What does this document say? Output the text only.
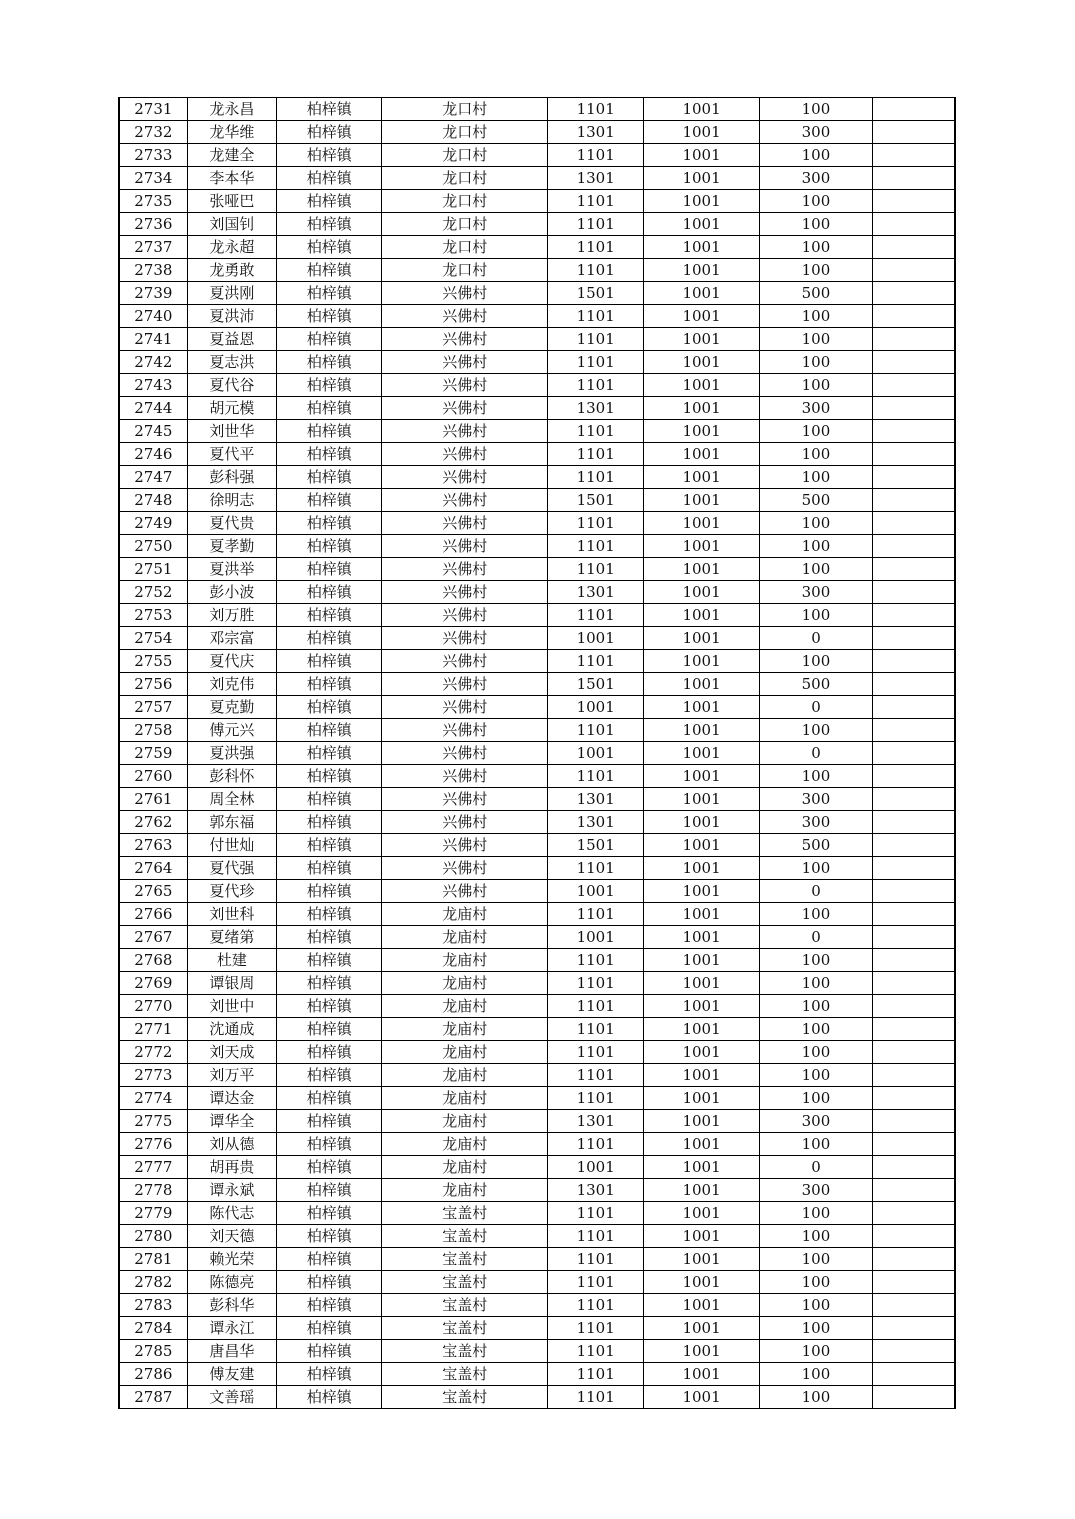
2731	龙永昌	柏梓镇	龙口村	1101	1001	100	
2732	龙华维	柏梓镇	龙口村	1301	1001	300	
2733	龙建全	柏梓镇	龙口村	1101	1001	100	
2734	李本华	柏梓镇	龙口村	1301	1001	300	
2735	张哑巴	柏梓镇	龙口村	1101	1001	100	
2736	刘国钊	柏梓镇	龙口村	1101	1001	100	
2737	龙永超	柏梓镇	龙口村	1101	1001	100	
2738	龙勇敢	柏梓镇	龙口村	1101	1001	100	
2739	夏洪刚	柏梓镇	兴佛村	1501	1001	500	
2740	夏洪沛	柏梓镇	兴佛村	1101	1001	100	
2741	夏益恩	柏梓镇	兴佛村	1101	1001	100	
2742	夏志洪	柏梓镇	兴佛村	1101	1001	100	
2743	夏代谷	柏梓镇	兴佛村	1101	1001	100	
2744	胡元模	柏梓镇	兴佛村	1301	1001	300	
2745	刘世华	柏梓镇	兴佛村	1101	1001	100	
2746	夏代平	柏梓镇	兴佛村	1101	1001	100	
2747	彭科强	柏梓镇	兴佛村	1101	1001	100	
2748	徐明志	柏梓镇	兴佛村	1501	1001	500	
2749	夏代贵	柏梓镇	兴佛村	1101	1001	100	
2750	夏孝勤	柏梓镇	兴佛村	1101	1001	100	
2751	夏洪举	柏梓镇	兴佛村	1101	1001	100	
2752	彭小波	柏梓镇	兴佛村	1301	1001	300	
2753	刘万胜	柏梓镇	兴佛村	1101	1001	100	
2754	邓宗富	柏梓镇	兴佛村	1001	1001	0	
2755	夏代庆	柏梓镇	兴佛村	1101	1001	100	
2756	刘克伟	柏梓镇	兴佛村	1501	1001	500	
2757	夏克勤	柏梓镇	兴佛村	1001	1001	0	
2758	傅元兴	柏梓镇	兴佛村	1101	1001	100	
2759	夏洪强	柏梓镇	兴佛村	1001	1001	0	
2760	彭科怀	柏梓镇	兴佛村	1101	1001	100	
2761	周全林	柏梓镇	兴佛村	1301	1001	300	
2762	郭东福	柏梓镇	兴佛村	1301	1001	300	
2763	付世灿	柏梓镇	兴佛村	1501	1001	500	
2764	夏代强	柏梓镇	兴佛村	1101	1001	100	
2765	夏代珍	柏梓镇	兴佛村	1001	1001	0	
2766	刘世科	柏梓镇	龙庙村	1101	1001	100	
2767	夏绪第	柏梓镇	龙庙村	1001	1001	0	
2768	杜建	柏梓镇	龙庙村	1101	1001	100	
2769	谭银周	柏梓镇	龙庙村	1101	1001	100	
2770	刘世中	柏梓镇	龙庙村	1101	1001	100	
2771	沈通成	柏梓镇	龙庙村	1101	1001	100	
2772	刘天成	柏梓镇	龙庙村	1101	1001	100	
2773	刘万平	柏梓镇	龙庙村	1101	1001	100	
2774	谭达金	柏梓镇	龙庙村	1101	1001	100	
2775	谭华全	柏梓镇	龙庙村	1301	1001	300	
2776	刘从德	柏梓镇	龙庙村	1101	1001	100	
2777	胡再贵	柏梓镇	龙庙村	1001	1001	0	
2778	谭永斌	柏梓镇	龙庙村	1301	1001	300	
2779	陈代志	柏梓镇	宝盖村	1101	1001	100	
2780	刘天德	柏梓镇	宝盖村	1101	1001	100	
2781	赖光荣	柏梓镇	宝盖村	1101	1001	100	
2782	陈德亮	柏梓镇	宝盖村	1101	1001	100	
2783	彭科华	柏梓镇	宝盖村	1101	1001	100	
2784	谭永江	柏梓镇	宝盖村	1101	1001	100	
2785	唐昌华	柏梓镇	宝盖村	1101	1001	100	
2786	傅友建	柏梓镇	宝盖村	1101	1001	100	
2787	文善瑶	柏梓镇	宝盖村	1101	1001	100	
